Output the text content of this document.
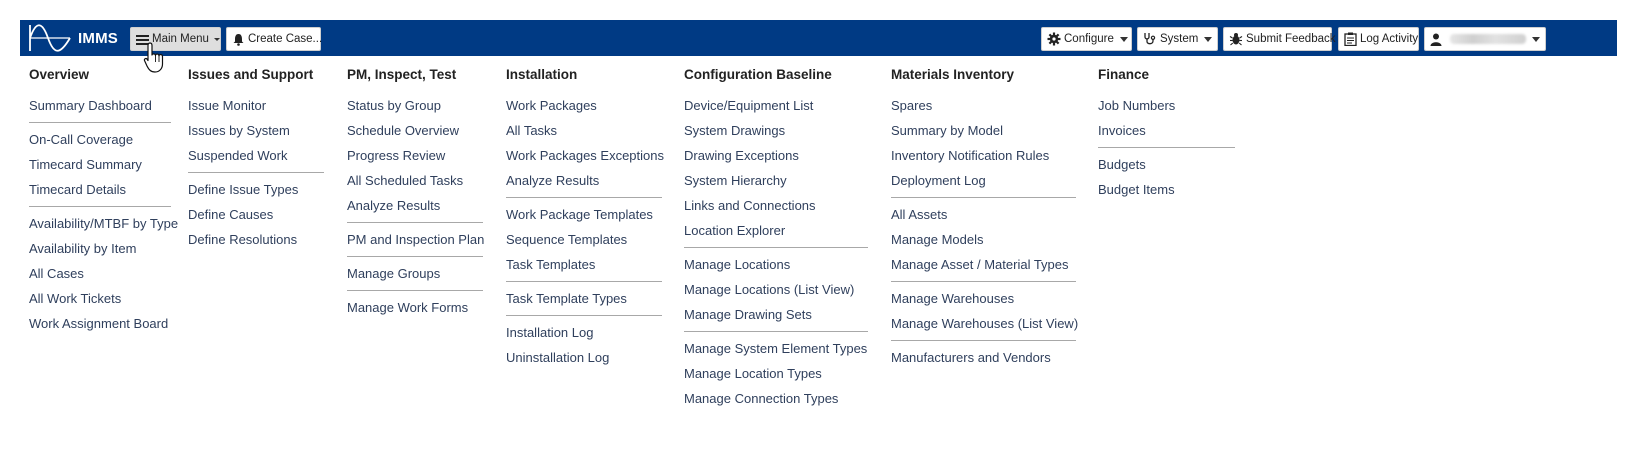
IMMS	Main Menu	Create Case...	Configure	System	Submit Feedback Log Activity
Overview
Summary Dashboard
On-Call Coverage
Timecard Summary
Timecard Details
Availability/MTBF by Type
Availability by Item
All Cases
All Work Tickets
Work Assignment Board
Issues and Support
Issue Monitor
Issues by System
Suspended Work
Define Issue Types
Define Causes
Define Resolutions
PM, Inspect, Test
Status by Group
Schedule Overview
Progress Review
All Scheduled Tasks
Analyze Results
PM and Inspection Plan
Manage Groups
Manage Work Forms
Installation
Work Packages
All Tasks
Work Packages Exceptions
Analyze Results
Work Package Templates
Sequence Templates
Task Templates
Task Template Types
Installation Log
Uninstallation Log
Configuration Baseline
Device/Equipment List
System Drawings
Drawing Exceptions
System Hierarchy
Links and Connections
Location Explorer
Manage Locations
Manage Locations (List View)
Manage Drawing Sets
Manage System Element Types
Manage Location Types
Manage Connection Types
Materials Inventory
Spares
Summary by Model
Inventory Notification Rules
Deployment Log
All Assets
Manage Models
Manage Asset / Material Types
Manage Warehouses
Manage Warehouses (List View)
Manufacturers and Vendors
Finance
Job Numbers
Invoices
Budgets
Budget Items
